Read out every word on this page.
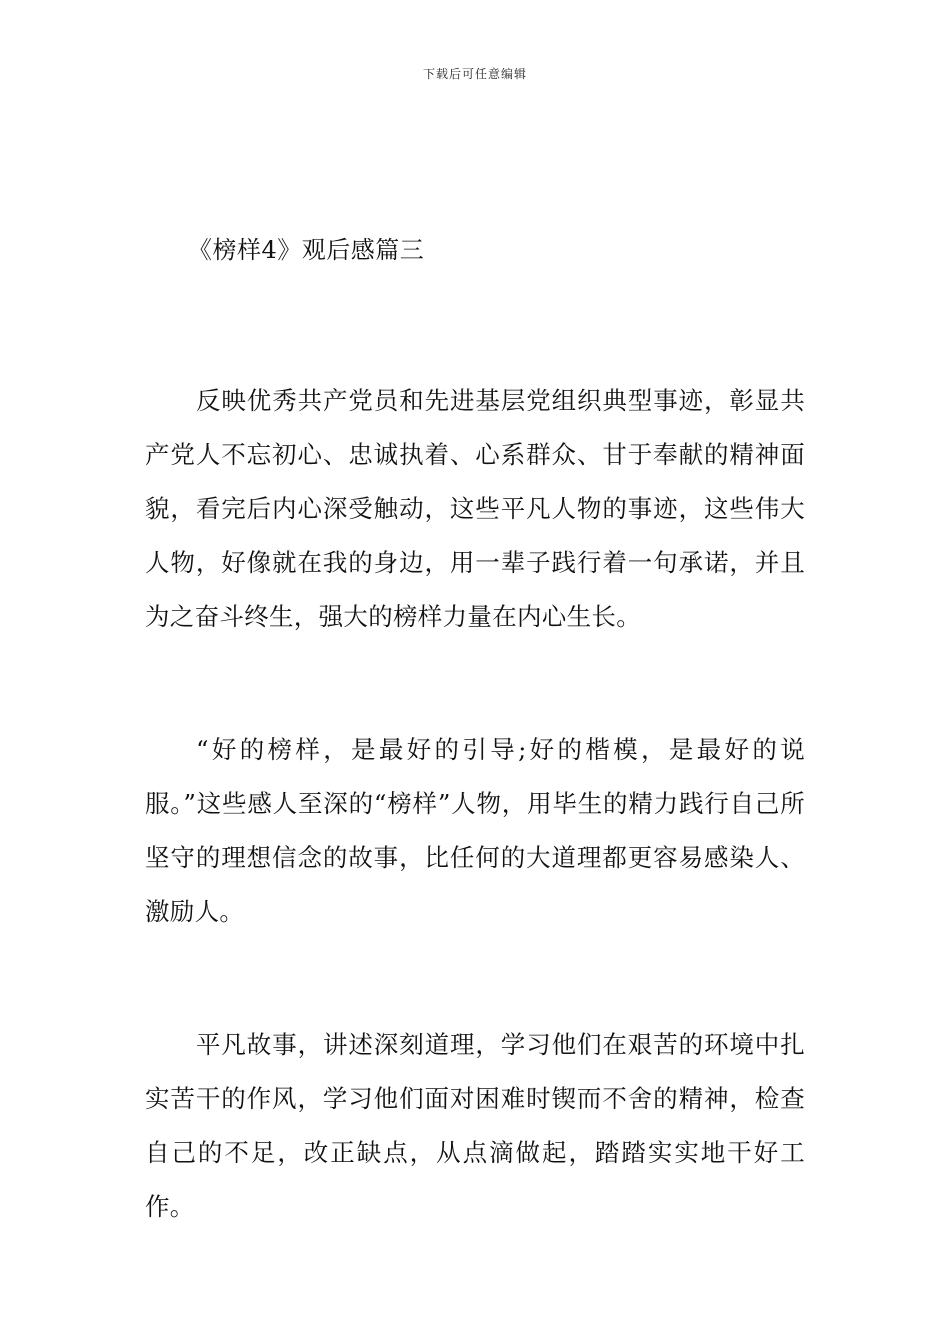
下载后可任意编辑
《榜样4》观后感篇三

反映优秀共产党员和先进基层党组织典型事迹，彰显共产党人不忘初心、忠诚执着、心系群众、甘于奉献的精神面貌，看完后内心深受触动，这些平凡人物的事迹，这些伟大人物，好像就在我的身边，用一辈子践行着一句承诺，并且为之奋斗终生，强大的榜样力量在内心生长。

“好的榜样，是最好的引导;好的楷模，是最好的说服。”这些感人至深的“榜样”人物，用毕生的精力践行自己所坚守的理想信念的故事，比任何的大道理都更容易感染人、激励人。

平凡故事，讲述深刻道理，学习他们在艰苦的环境中扎实苦干的作风，学习他们面对困难时锲而不舍的精神，检查自己的不足，改正缺点，从点滴做起，踏踏实实地干好工作。
